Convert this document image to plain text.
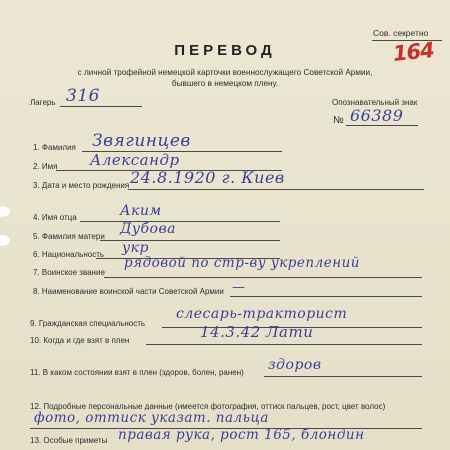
Сов. секретно
164
ПЕРЕВОД
с личной трофейной немецкой карточки военнослужащего Советской Армии,
бывшего в немецком плену.
Лагерь 316	Опознавательный знак
№ 66389
1. Фамилия Звягинцев
2. Имя Александр
3. Дата и место рождения 24.8.1920 г. Киев
4. Имя отца	Аким
5. Фамилия матери Дубова
6. Национальность укр
7. Воинское звание
рядовой по стр-ву укреплений
8. Наименование воинской части Советской Армии —
9. Гражданская специальность
слесарь-тракторист
10. Когда и где взят в плен	14.3.42 Лати
11. В каком состоянии взят в плен (здоров, болен, ранен) здоров
12. Подробные персональные данные (имеется фотография, оттиск пальцев, рост, цвет волос)
фото, оттиск указат. пальца
13. Особые приметы правая рука, рост 165, блондин
